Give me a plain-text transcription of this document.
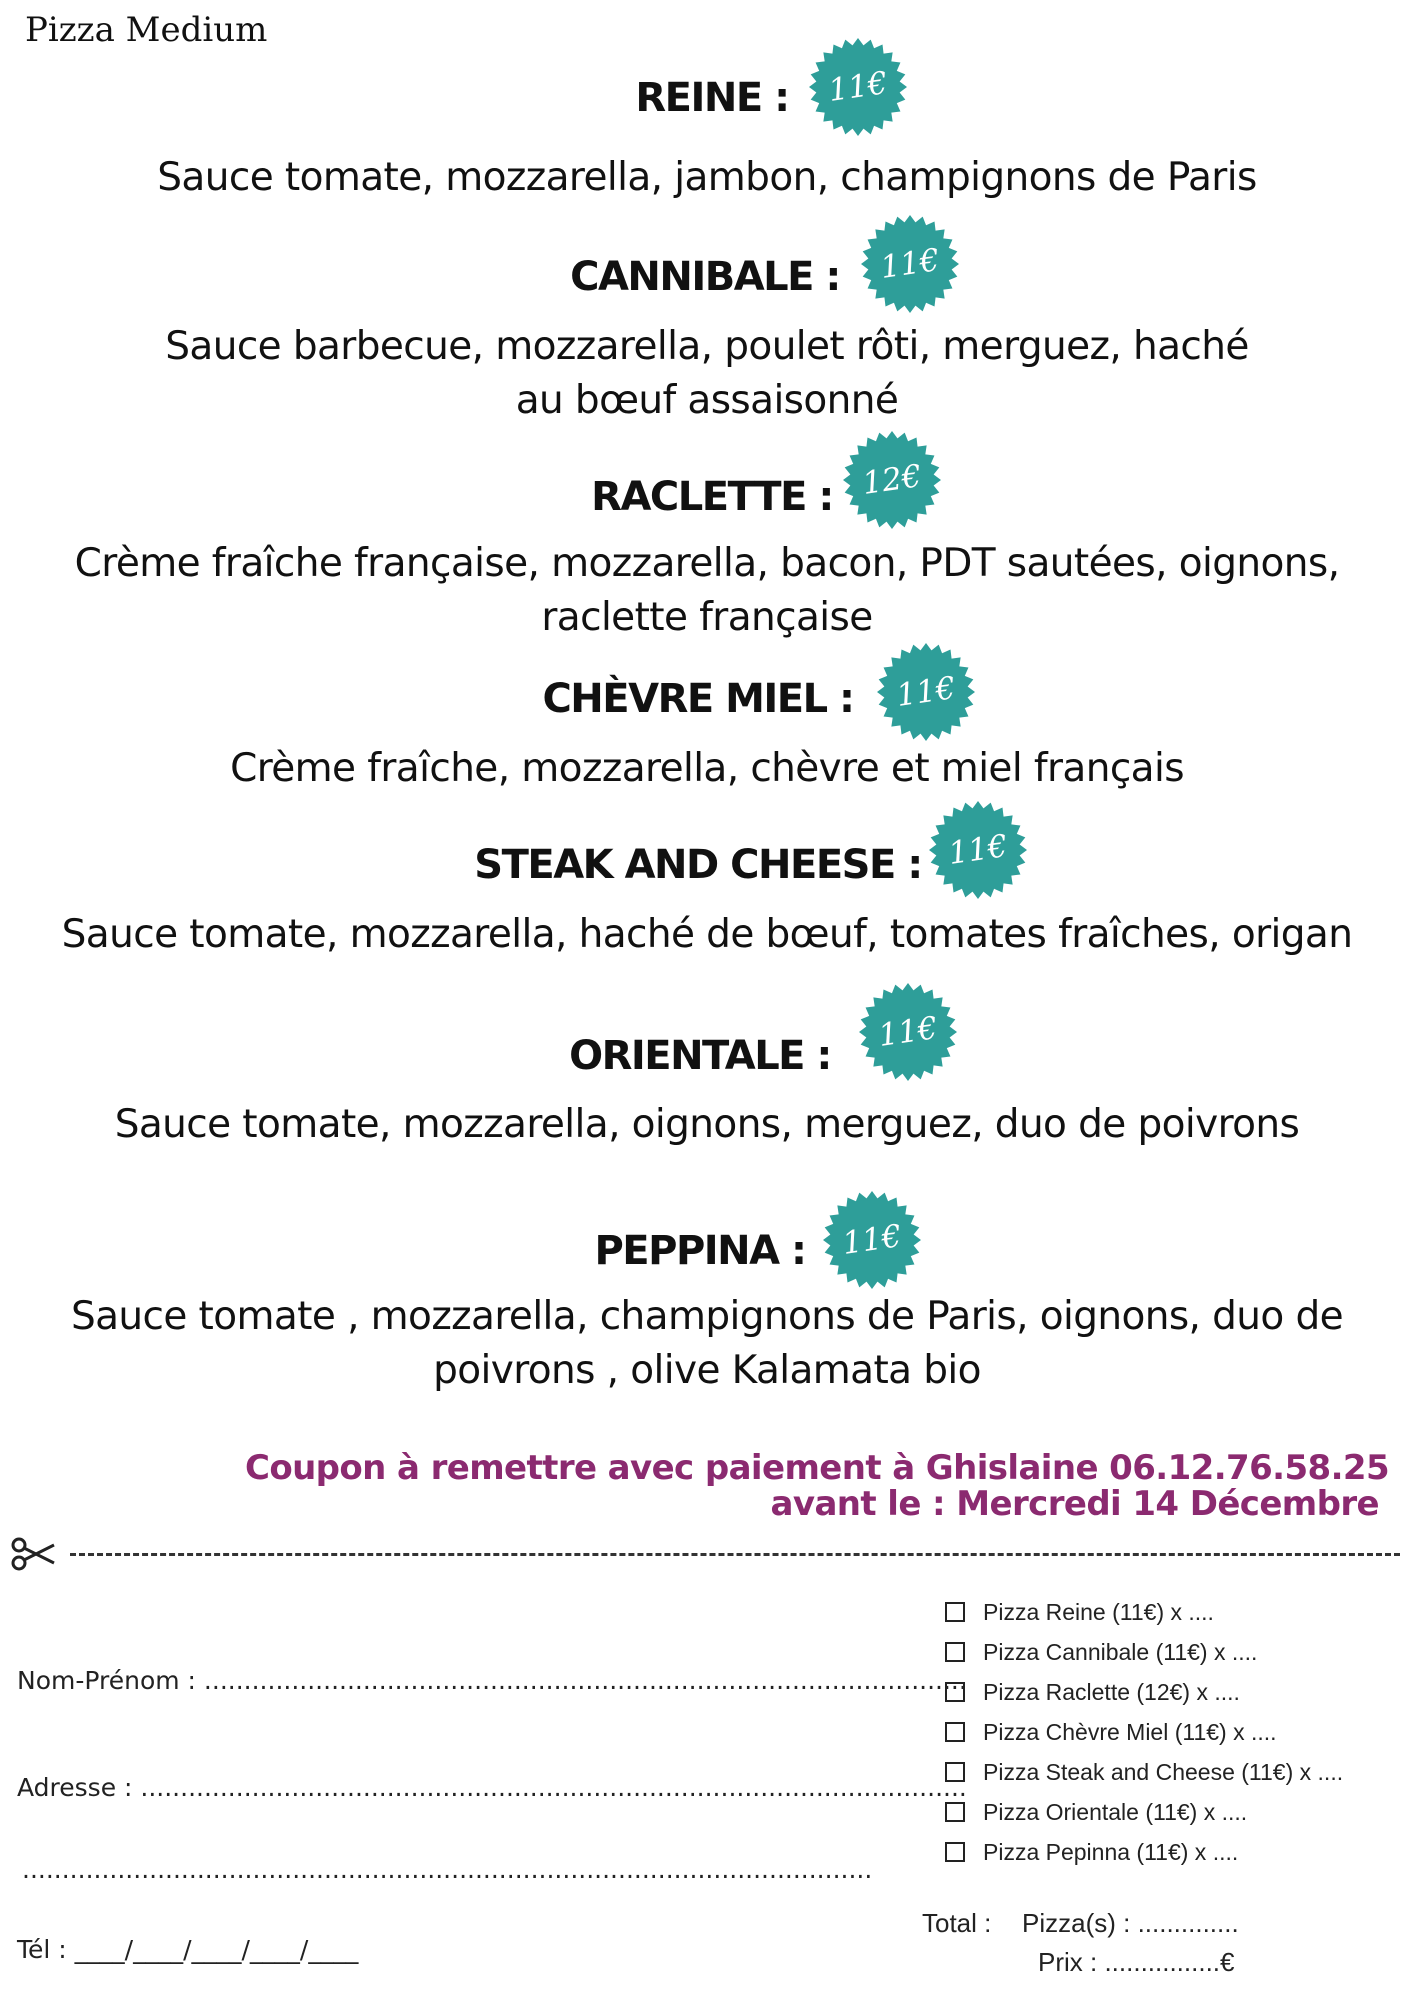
Pizza Medium
REINE :	11€
Sauce tomate, mozzarella, jambon, champignons de Paris
CANNIBALE :	11€
Sauce barbecue, mozzarella, poulet rôti, merguez, haché
au bœuf assaisonné
RACLETTE : 12€
Crème fraîche française, mozzarella, bacon, PDT sautées, oignons,
raclette française
CHÈVRE MIEL :	11€
Crème fraîche, mozzarella, chèvre et miel français
STEAK AND CHEESE : 11€
Sauce tomate, mozzarella, haché de bœuf, tomates fraîches, origan
ORIENTALE :
11€
Sauce tomate, mozzarella, oignons, merguez, duo de poivrons
PEPPINA :	11€
Sauce tomate , mozzarella, champignons de Paris, oignons, duo de
poivrons , olive Kalamata bio
Coupon à remettre avec paiement à Ghislaine 06.12.76.58.25
avant le : Mercredi 14 Décembre
Nom-Prénom : ................................................................................................
Adresse : ........................................................................................................
...........................................................................................................
Tél : ____/____/____/____/____
Pizza Reine (11€) x ....
Pizza Cannibale (11€) x ....
Pizza Raclette (12€) x ....
Pizza Chèvre Miel (11€) x ....
Pizza Steak and Cheese (11€) x ....
Pizza Orientale (11€) x ....
Pizza Pepinna (11€) x ....
Total : Pizza(s) : ..............
Prix : ................€
